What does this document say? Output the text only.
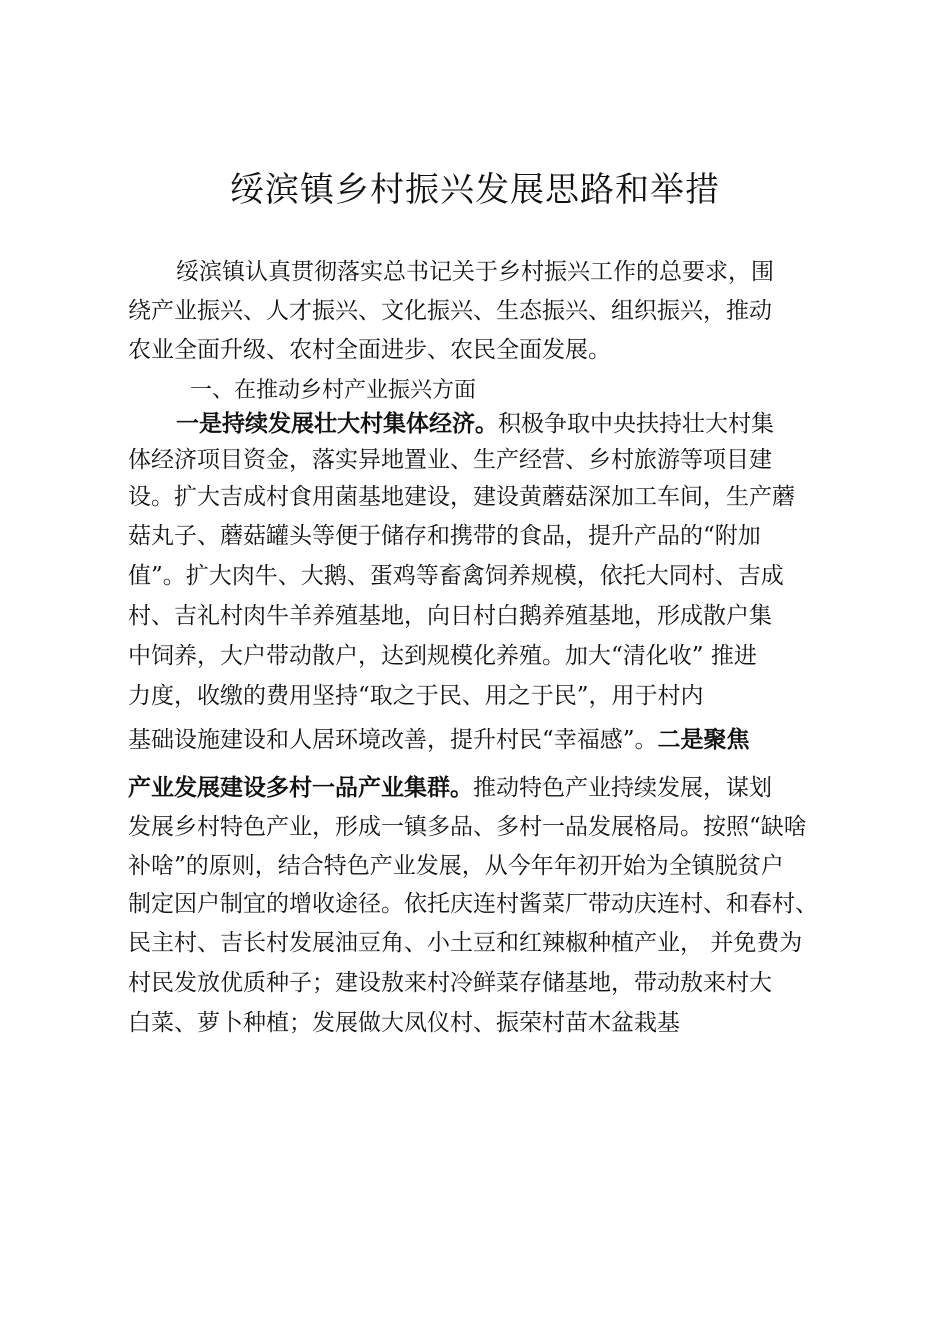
绥滨镇乡村振兴发展思路和举措

绥滨镇认真贯彻落实总书记关于乡村振兴工作的总要求，围

绕产业振兴、人才振兴、文化振兴、生态振兴、组织振兴，推动

农业全面升级、农村全面进步、农民全面发展。

一、在推动乡村产业振兴方面

一是持续发展壮大村集体经济。积极争取中央扶持壮大村集

体经济项目资金，落实异地置业、生产经营、乡村旅游等项目建

设。扩大吉成村食用菌基地建设，建设黄蘑菇深加工车间，生产蘑

菇丸子、蘑菇罐头等便于储存和携带的食品，提升产品的“附加

值”。扩大肉牛、大鹅、蛋鸡等畜禽饲养规模，依托大同村、吉成

村、吉礼村肉牛羊养殖基地，向日村白鹅养殖基地，形成散户集

中饲养，大户带动散户，达到规模化养殖。加大“清化收” 推进

力度，收缴的费用坚持“取之于民、用之于民”，用于村内

基础设施建设和人居环境改善，提升村民“幸福感”。二是聚焦

产业发展建设多村一品产业集群。推动特色产业持续发展，谋划

发展乡村特色产业，形成一镇多品、多村一品发展格局。按照“缺啥

补啥”的原则，结合特色产业发展，从今年年初开始为全镇脱贫户

制定因户制宜的增收途径。依托庆连村酱菜厂带动庆连村、和春村、

民主村、吉长村发展油豆角、小土豆和红辣椒种植产业， 并免费为

村民发放优质种子；建设敖来村冷鲜菜存储基地，带动敖来村大

白菜、萝卜种植；发展做大凤仪村、振荣村苗木盆栽基
